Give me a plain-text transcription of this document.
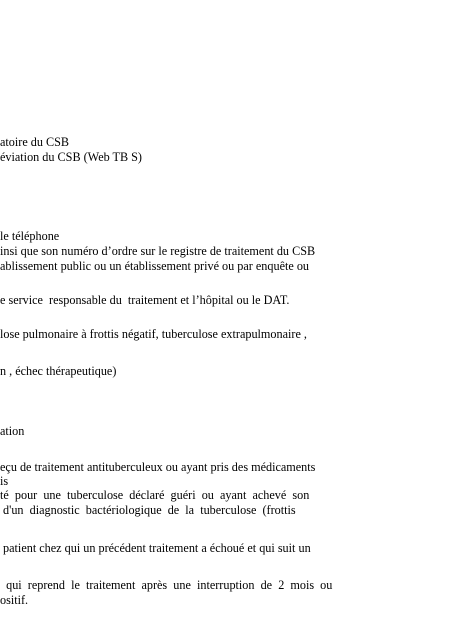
atoire du CSB
éviation du CSB (Web TB S)
le téléphone
insi que son numéro d’ordre sur le registre de traitement du CSB
ablissement public ou un établissement privé ou par enquête ou
e service  responsable du  traitement et l’hôpital ou le DAT.
lose pulmonaire à frottis négatif, tuberculose extrapulmonaire ,
n , échec thérapeutique)
ation
eçu de traitement antituberculeux ou ayant pris des médicaments
is
té  pour  une  tuberculose  déclaré  guéri  ou  ayant  achevé  son
d'un  diagnostic  bactériologique  de  la  tuberculose  (frottis
patient chez qui un précédent traitement a échoué et qui suit un
qui  reprend  le  traitement  après  une  interruption  de  2  mois  ou
ositif.
